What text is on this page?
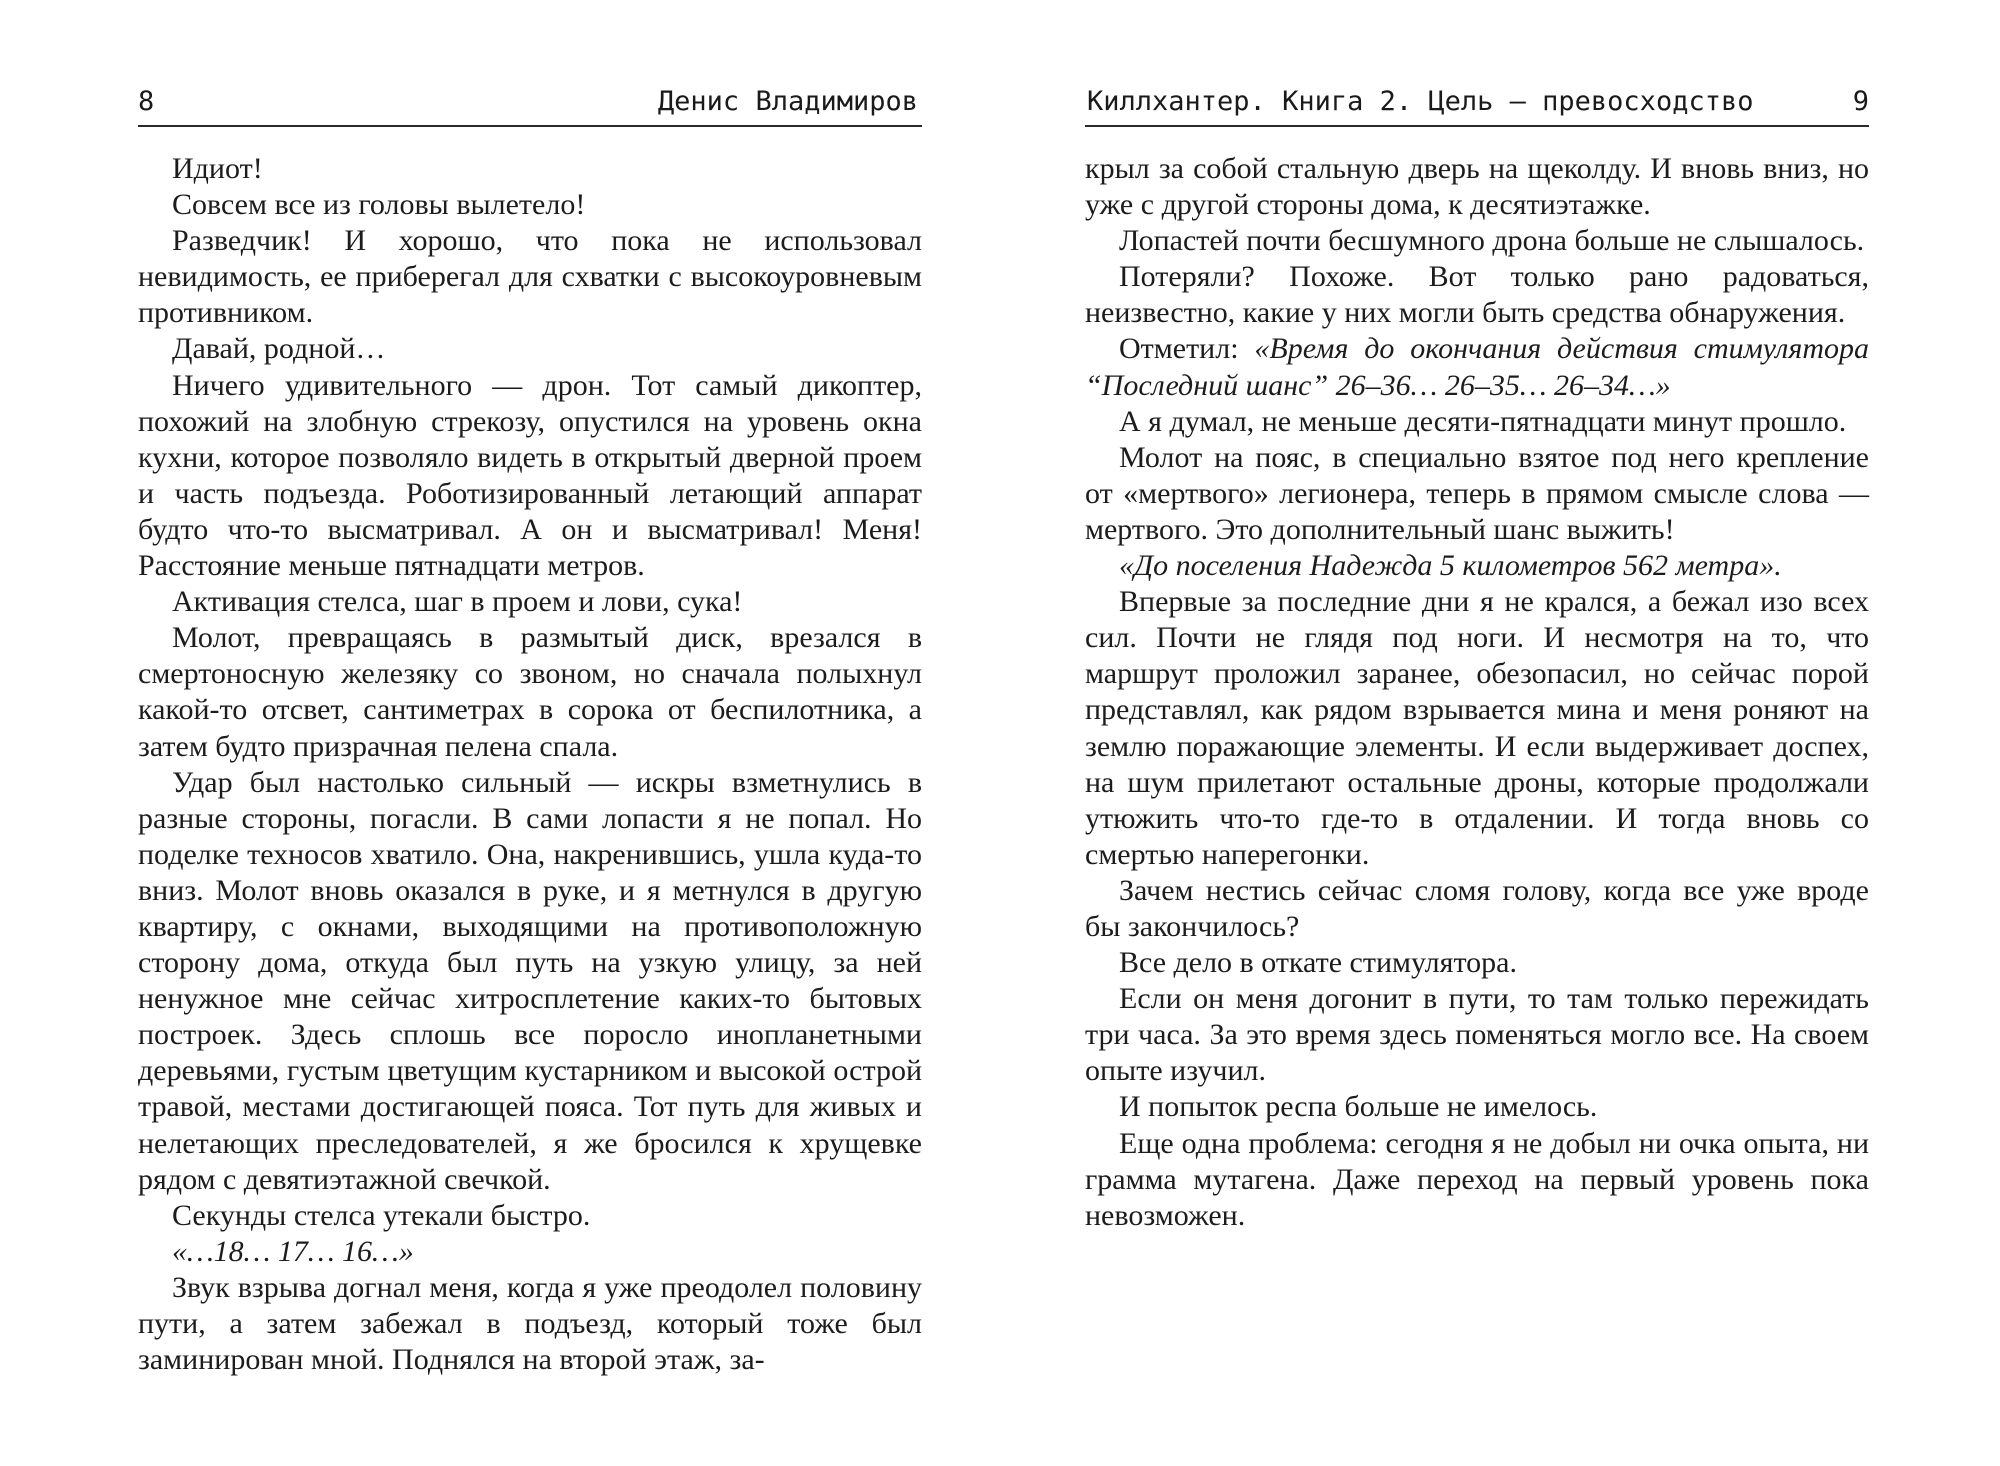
8	Денис Владимиров

Идиот!

Совсем все из головы вылетело!

Разведчик! И хорошо, что пока не использовал невидимость, ее приберегал для схватки с высокоуровневым противником.

Давай, родной…

Ничего удивительного — дрон. Тот самый дикоптер, похожий на злобную стрекозу, опустился на уровень окна кухни, которое позволяло видеть в открытый дверной проем и часть подъезда. Роботизированный летающий аппарат будто что-то высматривал. А он и высматривал! Меня! Расстояние меньше пятнадцати метров.

Активация стелса, шаг в проем и лови, сука!

Молот, превращаясь в размытый диск, врезался в смертоносную железяку со звоном, но сначала полыхнул какой-то отсвет, сантиметрах в сорока от беспилотника, а затем будто призрачная пелена спала.

Удар был настолько сильный — искры взметнулись в разные стороны, погасли. В сами лопасти я не попал. Но поделке техносов хватило. Она, накренившись, ушла куда-то вниз. Молот вновь оказался в руке, и я метнулся в другую квартиру, с окнами, выходящими на противоположную сторону дома, откуда был путь на узкую улицу, за ней ненужное мне сейчас хитросплетение каких-то бытовых построек. Здесь сплошь все поросло инопланетными деревьями, густым цветущим кустарником и высокой острой травой, местами достигающей пояса. Тот путь для живых и нелетающих преследователей, я же бросился к хрущевке рядом с девятиэтажной свечкой.

Секунды стелса утекали быстро.

«…18… 17… 16…»

Звук взрыва догнал меня, когда я уже преодолел половину пути, а затем забежал в подъезд, который тоже был заминирован мной. Поднялся на второй этаж, за-

Киллхантер. Книга 2. Цель — превосходство	9

крыл за собой стальную дверь на щеколду. И вновь вниз, но уже с другой стороны дома, к десятиэтажке.

Лопастей почти бесшумного дрона больше не слышалось.

Потеряли? Похоже. Вот только рано радоваться, неизвестно, какие у них могли быть средства обнаружения.

Отметил: «Время до окончания действия стимулятора “Последний шанс” 26–36… 26–35… 26–34…»

А я думал, не меньше десяти-пятнадцати минут прошло.

Молот на пояс, в специально взятое под него крепление от «мертвого» легионера, теперь в прямом смысле слова — мертвого. Это дополнительный шанс выжить!

«До поселения Надежда 5 километров 562 метра».

Впервые за последние дни я не крался, а бежал изо всех сил. Почти не глядя под ноги. И несмотря на то, что маршрут проложил заранее, обезопасил, но сейчас порой представлял, как рядом взрывается мина и меня роняют на землю поражающие элементы. И если выдерживает доспех, на шум прилетают остальные дроны, которые продолжали утюжить что-то где-то в отдалении. И тогда вновь со смертью наперегонки.

Зачем нестись сейчас сломя голову, когда все уже вроде бы закончилось?

Все дело в откате стимулятора.

Если он меня догонит в пути, то там только пережидать три часа. За это время здесь поменяться могло все. На своем опыте изучил.

И попыток респа больше не имелось.

Еще одна проблема: сегодня я не добыл ни очка опыта, ни грамма мутагена. Даже переход на первый уровень пока невозможен.
